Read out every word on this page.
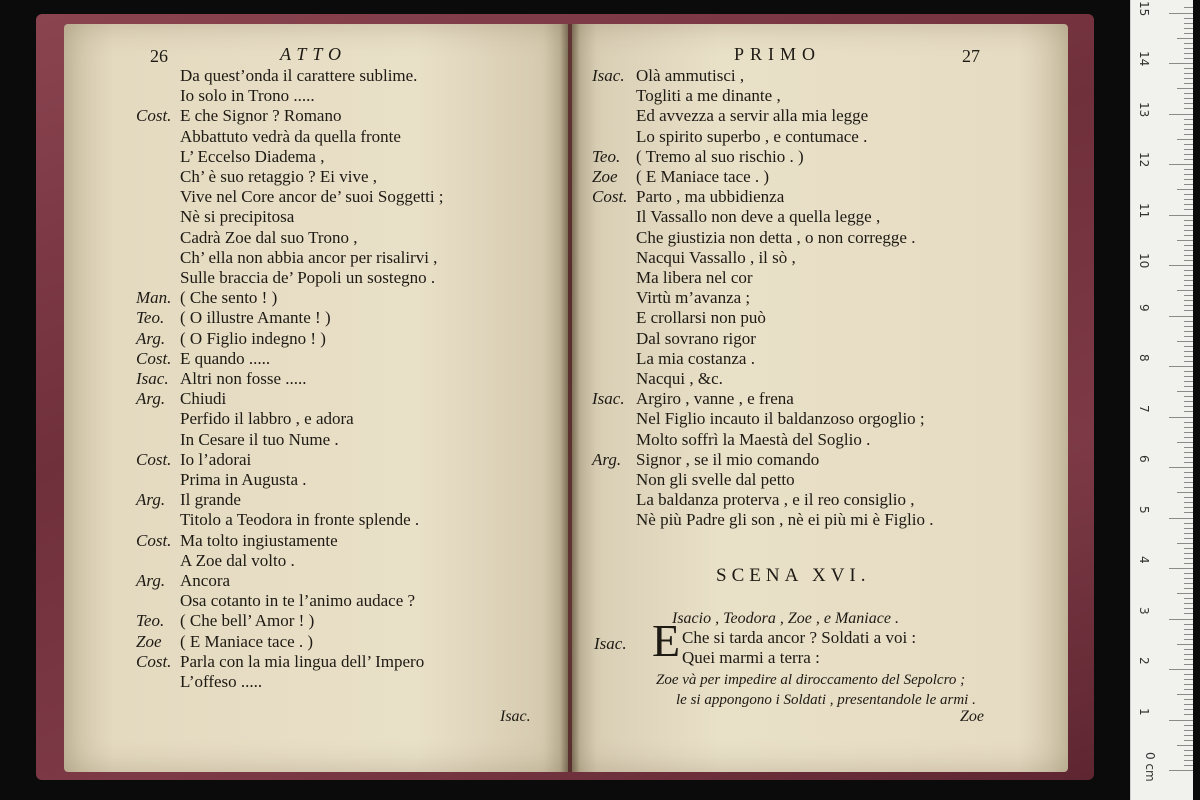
26	ATTO
Da quest’onda il carattere sublime.
Io solo in Trono .....
Cost. E che Signor ? Romano
Abbattuto vedrà da quella fronte
L’ Eccelso Diadema ,
Ch’ è suo retaggio ? Ei vive ,
Vive nel Core ancor de’ suoi Soggetti ;
Nè si precipitosa
Cadrà Zoe dal suo Trono ,
Ch’ ella non abbia ancor per risalirvi ,
Sulle braccia de’ Popoli un sostegno .
Man. ( Che sento ! )
Teo. ( O illustre Amante ! )
Arg. ( O Figlio indegno ! )
Cost. E quando .....
Isac. Altri non fosse .....
Arg. Chiudi
Perfido il labbro , e adora
In Cesare il tuo Nume .
Cost. Io l’adorai
Prima in Augusta .
Arg. Il grande
Titolo a Teodora in fronte splende .
Cost. Ma tolto ingiustamente
A Zoe dal volto .
Arg. Ancora
Osa cotanto in te l’animo audace ?
Teo. ( Che bell’ Amor ! )
Zoe ( E Maniace tace . )
Cost. Parla con la mia lingua dell’ Impero
L’offeso .....
Isac.
PRIMO	27
Isac. Olà ammutisci ,
Togliti a me dinante ,
Ed avvezza a servir alla mia legge
Lo spirito superbo , e contumace .
Teo. ( Tremo al suo rischio . )
Zoe ( E Maniace tace . )
Cost. Parto , ma ubbidienza
Il Vassallo non deve a quella legge ,
Che giustizia non detta , o non corregge .
Nacqui Vassallo , il sò ,
Ma libera nel cor
Virtù m’avanza ;
E crollarsi non può
Dal sovrano rigor
La mia costanza .
Nacqui , &c.
Isac. Argiro , vanne , e frena
Nel Figlio incauto il baldanzoso orgoglio ;
Molto soffrì la Maestà del Soglio .
Arg. Signor , se il mio comando
Non gli svelle dal petto
La baldanza proterva , e il reo consiglio ,
Nè più Padre gli son , nè ei più mi è Figlio .
SCENA XVI.
Isacio , Teodora , Zoe , e Maniace .
Isac. E Che si tarda ancor ? Soldati a voi :
Quei marmi a terra :
Zoe và per impedire al diroccamento del Sepolcro ;
le si appongono i Soldati , presentandole le armi .
Zoe
0 cm
1
2
3
4
5
6
7
8
9
10
11
12
13
14
15
